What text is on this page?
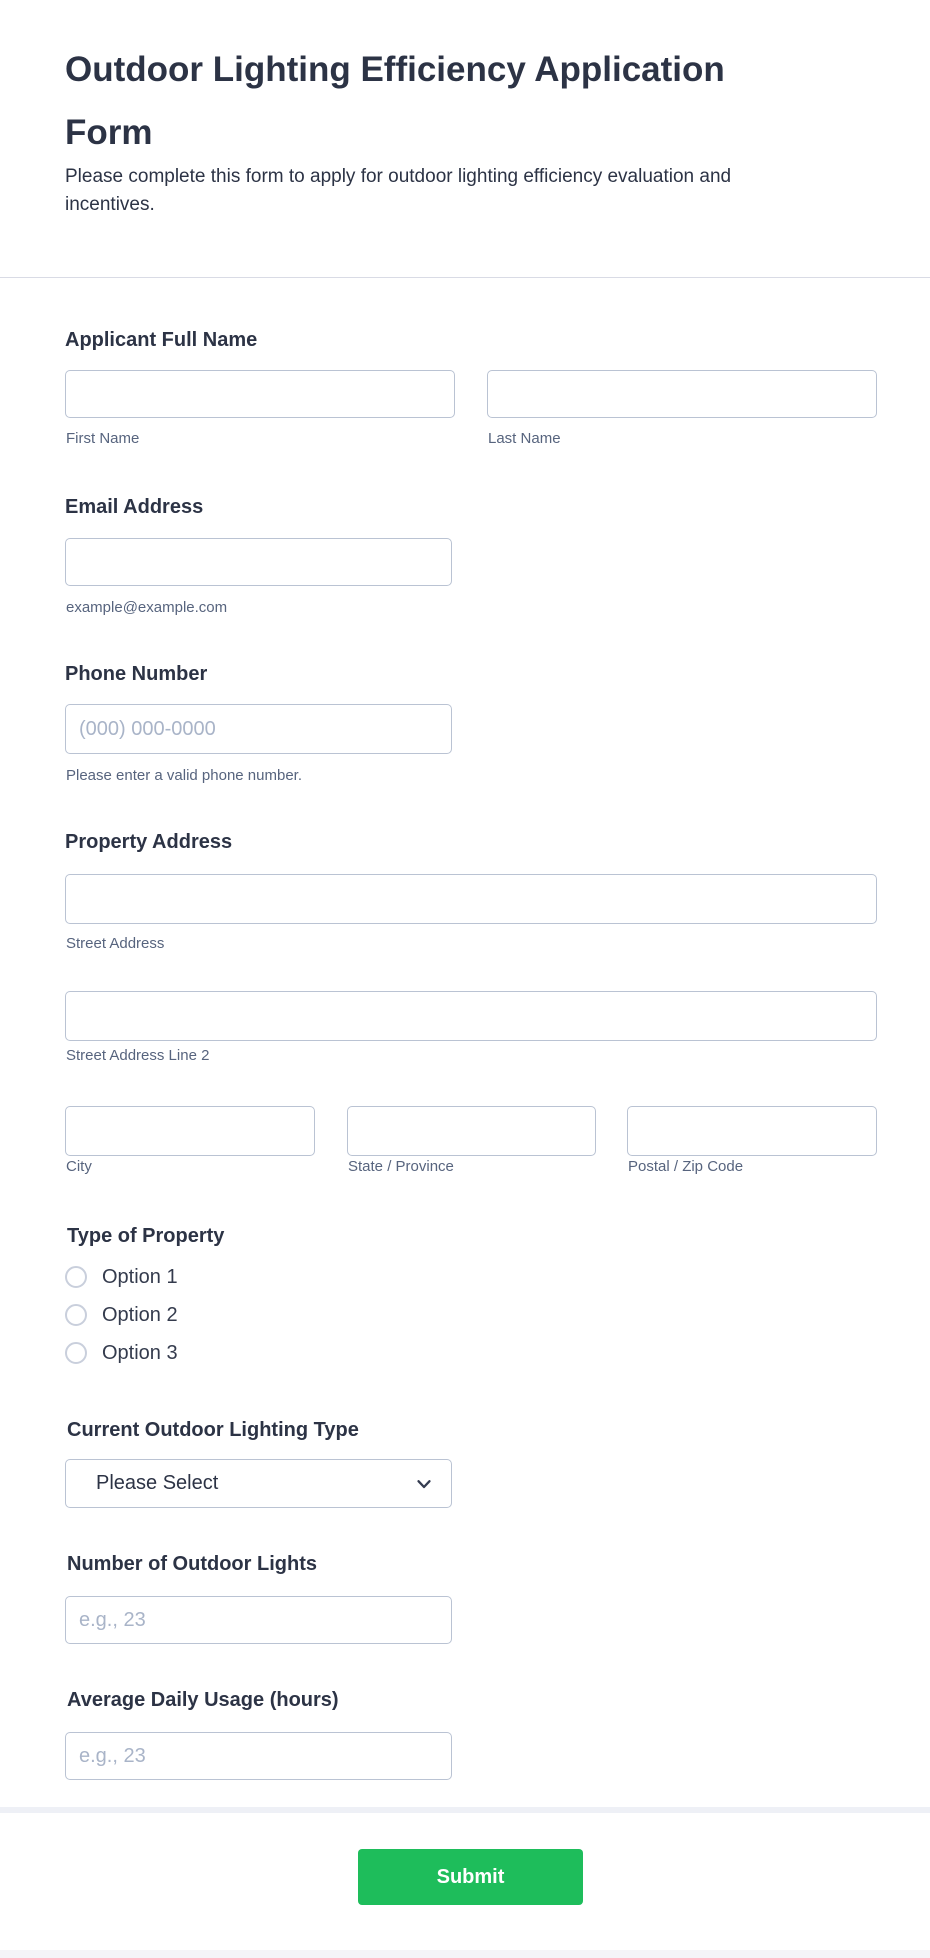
Outdoor Lighting Efficiency Application
Form
Please complete this form to apply for outdoor lighting efficiency evaluation and
incentives.
Applicant Full Name
First Name	Last Name
Email Address
example@example.com
Phone Number
(000) 000-0000
Please enter a valid phone number.
Property Address
Street Address
Street Address Line 2
City	State / Province	Postal / Zip Code
Type of Property
Option 1
Option 2
Option 3
Current Outdoor Lighting Type
Please Select
Number of Outdoor Lights
e.g., 23
Average Daily Usage (hours)
e.g., 23
Submit
